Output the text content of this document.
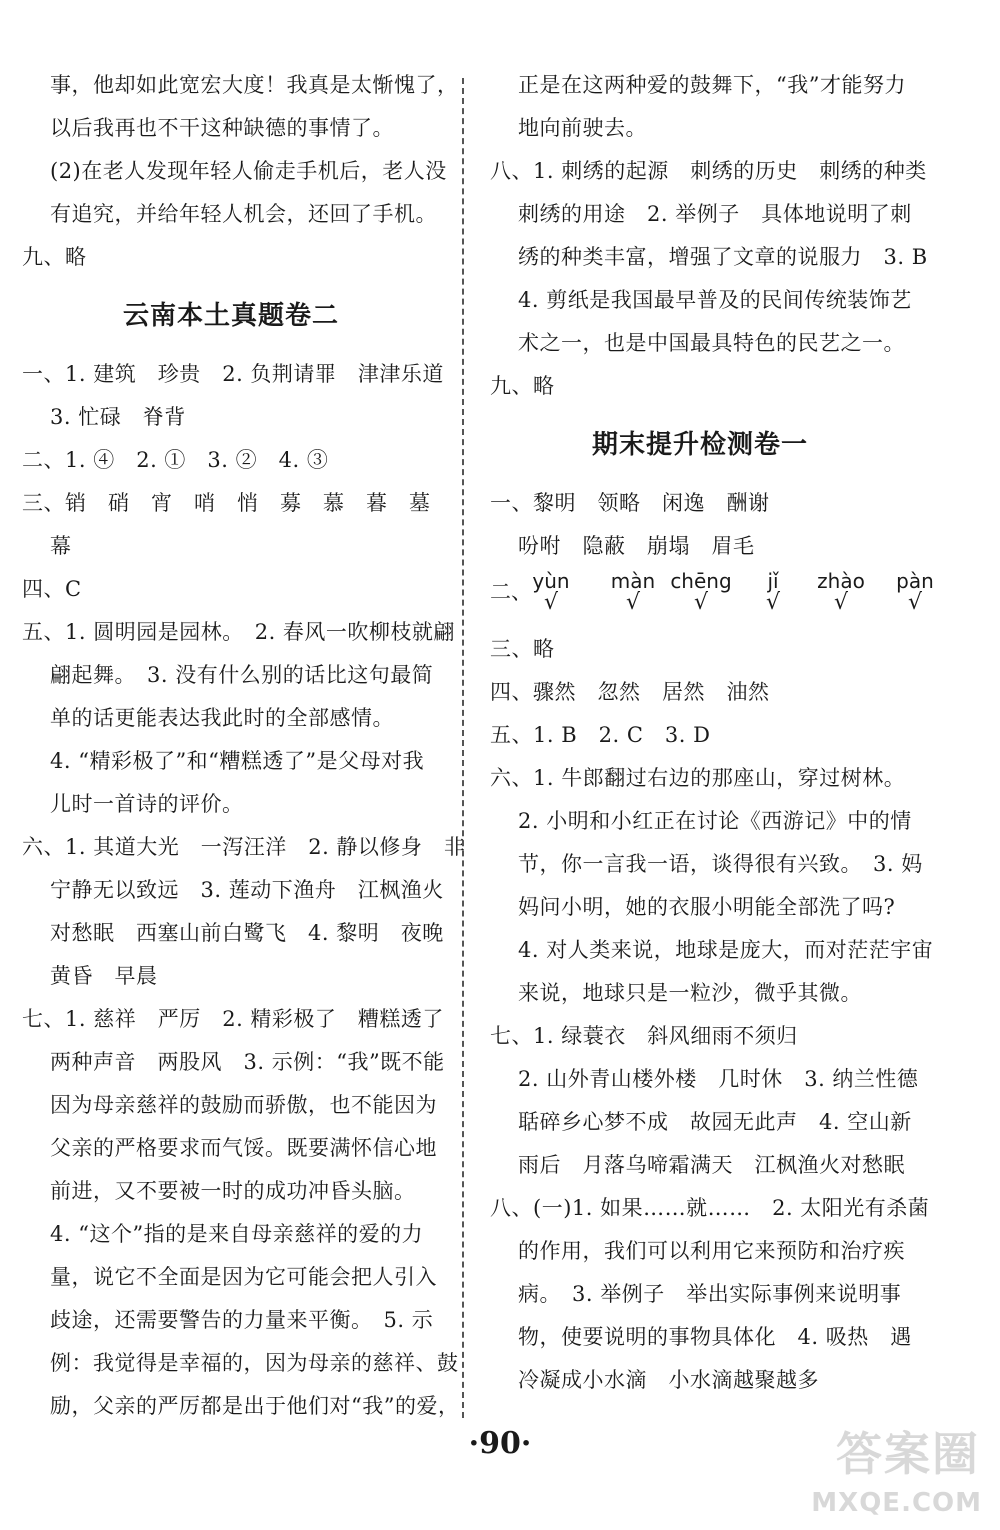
事，他却如此宽宏大度！我真是太惭愧了，
以后我再也不干这种缺德的事情了。
(2)在老人发现年轻人偷走手机后，老人没
有追究，并给年轻人机会，还回了手机。
九、略
云南本土真题卷二
一、1. 建筑　珍贵　2. 负荆请罪　津津乐道
3. 忙碌　脊背
二、1. ④　2. ①　3. ②　4. ③
三、销　硝　宵　哨　悄　募　慕　暮　墓
幕
四、C
五、1. 圆明园是园林。　2. 春风一吹柳枝就翩
翩起舞。　3. 没有什么别的话比这句最简
单的话更能表达我此时的全部感情。
4. “精彩极了”和“糟糕透了”是父母对我
儿时一首诗的评价。
六、1. 其道大光　一泻汪洋　2. 静以修身　非
宁静无以致远　3. 莲动下渔舟　江枫渔火
对愁眠　西塞山前白鹭飞　4. 黎明　夜晚
黄昏　早晨
七、1. 慈祥　严厉　2. 精彩极了　糟糕透了
两种声音　两股风　3. 示例：“我”既不能
因为母亲慈祥的鼓励而骄傲，也不能因为
父亲的严格要求而气馁。既要满怀信心地
前进，又不要被一时的成功冲昏头脑。
4. “这个”指的是来自母亲慈祥的爱的力
量，说它不全面是因为它可能会把人引入
歧途，还需要警告的力量来平衡。　5. 示
例：我觉得是幸福的，因为母亲的慈祥、鼓
励，父亲的严厉都是出于他们对“我”的爱，
正是在这两种爱的鼓舞下，“我”才能努力
地向前驶去。
八、1. 刺绣的起源　刺绣的历史　刺绣的种类
刺绣的用途　2. 举例子　具体地说明了刺
绣的种类丰富，增强了文章的说服力　3. B
4. 剪纸是我国最早普及的民间传统装饰艺
术之一，也是中国最具特色的民艺之一。
九、略
期末提升检测卷一
一、黎明　领略　闲逸　酬谢
吩咐　隐蔽　崩塌　眉毛
二、 yùn
√
màn
√
chēng
√
jǐ
√
zhào
√
pàn
√
三、略
四、骤然　忽然　居然　油然
五、1. B　2. C　3. D
六、1. 牛郎翻过右边的那座山，穿过树林。
2. 小明和小红正在讨论《西游记》中的情
节，你一言我一语，谈得很有兴致。　3. 妈
妈问小明，她的衣服小明能全部洗了吗?
4. 对人类来说，地球是庞大，而对茫茫宇宙
来说，地球只是一粒沙，微乎其微。
七、1. 绿蓑衣　斜风细雨不须归
2. 山外青山楼外楼　几时休　3. 纳兰性德
聒碎乡心梦不成　故园无此声　4. 空山新
雨后　月落乌啼霜满天　江枫渔火对愁眠
八、(一)1. 如果……就……　2. 太阳光有杀菌
的作用，我们可以利用它来预防和治疗疾
病。　3. 举例子　举出实际事例来说明事
物，使要说明的事物具体化　4. 吸热　遇
冷凝成小水滴　小水滴越聚越多
·90·	答案圈
MXQE.COM
